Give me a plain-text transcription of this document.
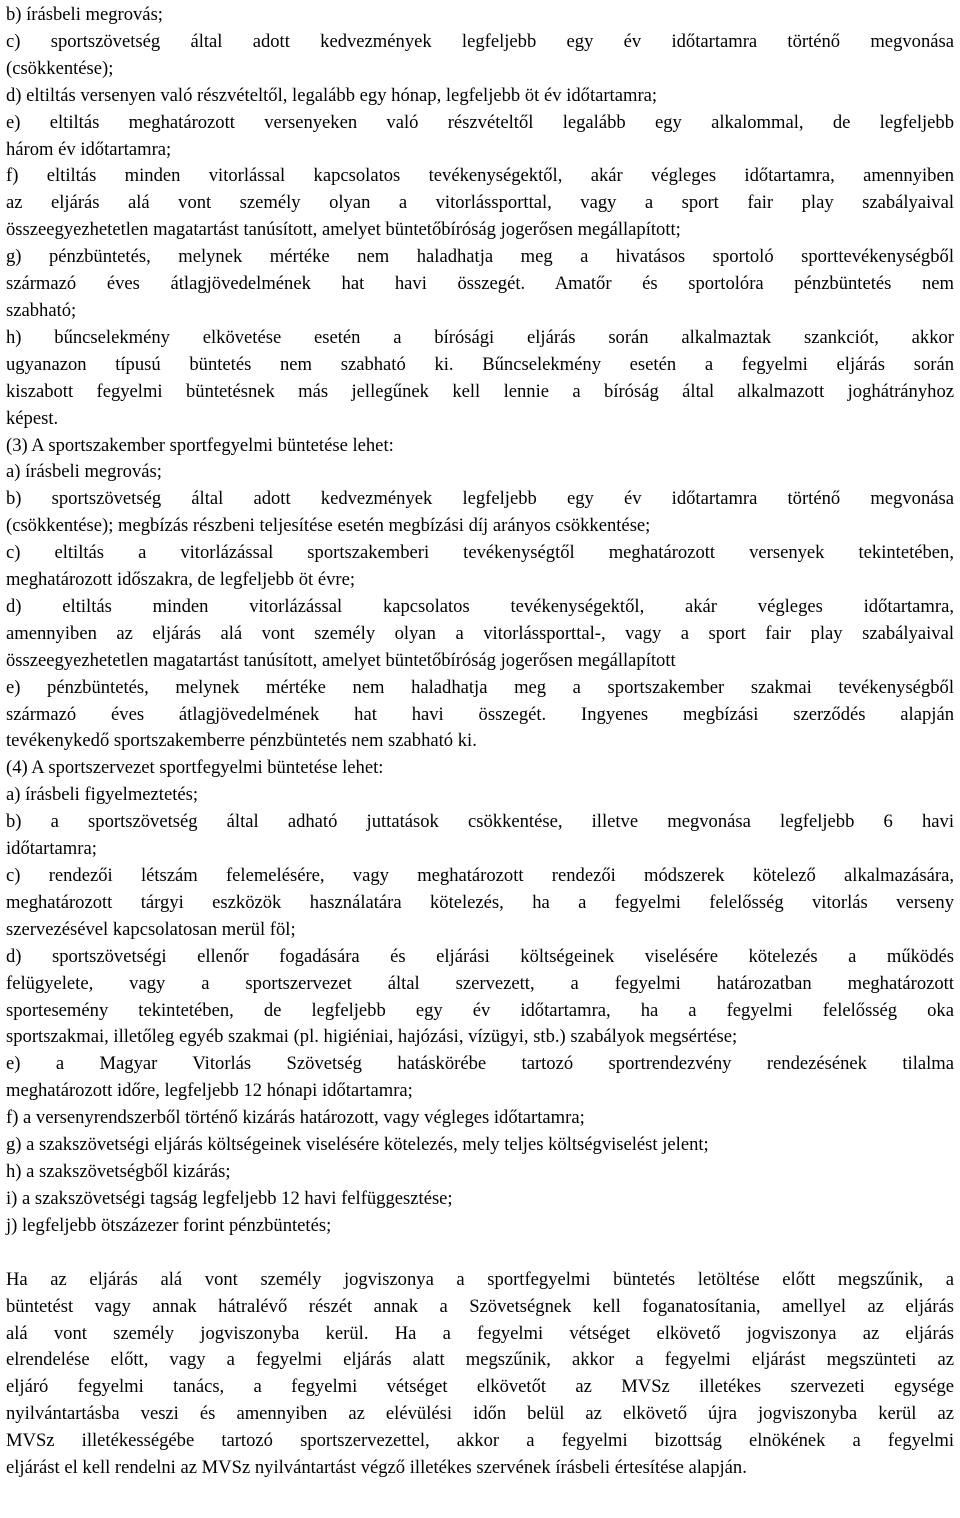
b) írásbeli megrovás;
c) sportszövetség által adott kedvezmények legfeljebb egy év időtartamra történő megvonása
(csökkentése);
d) eltiltás versenyen való részvételtől, legalább egy hónap, legfeljebb öt év időtartamra;
e) eltiltás meghatározott versenyeken való részvételtől legalább egy alkalommal, de legfeljebb
három év időtartamra;
f) eltiltás minden vitorlással kapcsolatos tevékenységektől, akár végleges időtartamra, amennyiben
az eljárás alá vont személy olyan a vitorlássporttal, vagy a sport fair play szabályaival
összeegyezhetetlen magatartást tanúsított, amelyet büntetőbíróság jogerősen megállapított;
g) pénzbüntetés, melynek mértéke nem haladhatja meg a hivatásos sportoló sporttevékenységből
származó éves átlagjövedelmének hat havi összegét. Amatőr és sportolóra pénzbüntetés nem
szabható;
h) bűncselekmény elkövetése esetén a bírósági eljárás során alkalmaztak szankciót, akkor
ugyanazon típusú büntetés nem szabható ki. Bűncselekmény esetén a fegyelmi eljárás során
kiszabott fegyelmi büntetésnek más jellegűnek kell lennie a bíróság által alkalmazott joghátrányhoz
képest.
(3) A sportszakember sportfegyelmi büntetése lehet:
a) írásbeli megrovás;
b) sportszövetség által adott kedvezmények legfeljebb egy év időtartamra történő megvonása
(csökkentése); megbízás részbeni teljesítése esetén megbízási díj arányos csökkentése;
c) eltiltás a vitorlázással sportszakemberi tevékenységtől meghatározott versenyek tekintetében,
meghatározott időszakra, de legfeljebb öt évre;
d) eltiltás minden vitorlázással kapcsolatos tevékenységektől, akár végleges időtartamra,
amennyiben az eljárás alá vont személy olyan a vitorlássporttal-, vagy a sport fair play szabályaival
összeegyezhetetlen magatartást tanúsított, amelyet büntetőbíróság jogerősen megállapított
e) pénzbüntetés, melynek mértéke nem haladhatja meg a sportszakember szakmai tevékenységből
származó éves átlagjövedelmének hat havi összegét. Ingyenes megbízási szerződés alapján
tevékenykedő sportszakemberre pénzbüntetés nem szabható ki.
(4) A sportszervezet sportfegyelmi büntetése lehet:
a) írásbeli figyelmeztetés;
b) a sportszövetség által adható juttatások csökkentése, illetve megvonása legfeljebb 6 havi
időtartamra;
c) rendezői létszám felemelésére, vagy meghatározott rendezői módszerek kötelező alkalmazására,
meghatározott tárgyi eszközök használatára kötelezés, ha a fegyelmi felelősség vitorlás verseny
szervezésével kapcsolatosan merül föl;
d) sportszövetségi ellenőr fogadására és eljárási költségeinek viselésére kötelezés a működés
felügyelete, vagy a sportszervezet által szervezett, a fegyelmi határozatban meghatározott
sportesemény tekintetében, de legfeljebb egy év időtartamra, ha a fegyelmi felelősség oka
sportszakmai, illetőleg egyéb szakmai (pl. higiéniai, hajózási, vízügyi, stb.) szabályok megsértése;
e) a Magyar Vitorlás Szövetség hatáskörébe tartozó sportrendezvény rendezésének tilalma
meghatározott időre, legfeljebb 12 hónapi időtartamra;
f) a versenyrendszerből történő kizárás határozott, vagy végleges időtartamra;
g) a szakszövetségi eljárás költségeinek viselésére kötelezés, mely teljes költségviselést jelent;
h) a szakszövetségből kizárás;
i) a szakszövetségi tagság legfeljebb 12 havi felfüggesztése;
j) legfeljebb ötszázezer forint pénzbüntetés;
Ha az eljárás alá vont személy jogviszonya a sportfegyelmi büntetés letöltése előtt megszűnik, a
büntetést vagy annak hátralévő részét annak a Szövetségnek kell foganatosítania, amellyel az eljárás
alá vont személy jogviszonyba kerül. Ha a fegyelmi vétséget elkövető jogviszonya az eljárás
elrendelése előtt, vagy a fegyelmi eljárás alatt megszűnik, akkor a fegyelmi eljárást megszünteti az
eljáró fegyelmi tanács, a fegyelmi vétséget elkövetőt az MVSz illetékes szervezeti egysége
nyilvántartásba veszi és amennyiben az elévülési időn belül az elkövető újra jogviszonyba kerül az
MVSz illetékességébe tartozó sportszervezettel, akkor a fegyelmi bizottság elnökének a fegyelmi
eljárást el kell rendelni az MVSz nyilvántartást végző illetékes szervének írásbeli értesítése alapján.
